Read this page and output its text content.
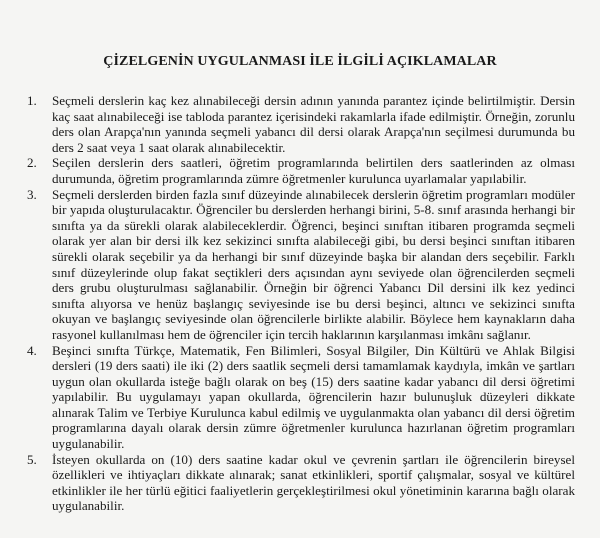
ÇİZELGENİN UYGULANMASI İLE İLGİLİ AÇIKLAMALAR
1. Seçmeli derslerin kaç kez alınabileceği dersin adının yanında parantez içinde belirtilmiştir. Dersin kaç saat alınabileceği ise tabloda parantez içerisindeki rakamlarla ifade edilmiştir. Örneğin, zorunlu ders olan Arapça'nın yanında seçmeli yabancı dil dersi olarak Arapça'nın seçilmesi durumunda bu ders 2 saat veya 1 saat olarak alınabilecektir.
2. Seçilen derslerin ders saatleri, öğretim programlarında belirtilen ders saatlerinden az olması durumunda, öğretim programlarında zümre öğretmenler kurulunca uyarlamalar yapılabilir.
3. Seçmeli derslerden birden fazla sınıf düzeyinde alınabilecek derslerin öğretim programları modüler bir yapıda oluşturulacaktır. Öğrenciler bu derslerden herhangi birini, 5-8. sınıf arasında herhangi bir sınıfta ya da sürekli olarak alabileceklerdir. Öğrenci, beşinci sınıftan itibaren programda seçmeli olarak yer alan bir dersi ilk kez sekizinci sınıfta alabileceği gibi, bu dersi beşinci sınıftan itibaren sürekli olarak seçebilir ya da herhangi bir sınıf düzeyinde başka bir alandan ders seçebilir. Farklı sınıf düzeylerinde olup fakat seçtikleri ders açısından aynı seviyede olan öğrencilerden seçmeli ders grubu oluşturulması sağlanabilir. Örneğin bir öğrenci Yabancı Dil dersini ilk kez yedinci sınıfta alıyorsa ve henüz başlangıç seviyesinde ise bu dersi beşinci, altıncı ve sekizinci sınıfta okuyan ve başlangıç seviyesinde olan öğrencilerle birlikte alabilir. Böylece hem kaynakların daha rasyonel kullanılması hem de öğrenciler için tercih haklarının karşılanması imkânı sağlanır.
4. Beşinci sınıfta Türkçe, Matematik, Fen Bilimleri, Sosyal Bilgiler, Din Kültürü ve Ahlak Bilgisi dersleri (19 ders saati) ile iki (2) ders saatlik seçmeli dersi tamamlamak kaydıyla, imkân ve şartları uygun olan okullarda isteğe bağlı olarak on beş (15) ders saatine kadar yabancı dil dersi öğretimi yapılabilir. Bu uygulamayı yapan okullarda, öğrencilerin hazır bulunuşluk düzeyleri dikkate alınarak Talim ve Terbiye Kurulunca kabul edilmiş ve uygulanmakta olan yabancı dil dersi öğretim programlarına dayalı olarak dersin zümre öğretmenler kurulunca hazırlanan öğretim programları uygulanabilir.
5. İsteyen okullarda on (10) ders saatine kadar okul ve çevrenin şartları ile öğrencilerin bireysel özellikleri ve ihtiyaçları dikkate alınarak; sanat etkinlikleri, sportif çalışmalar, sosyal ve kültürel etkinlikler ile her türlü eğitici faaliyetlerin gerçekleştirilmesi okul yönetiminin kararına bağlı olarak uygulanabilir.
